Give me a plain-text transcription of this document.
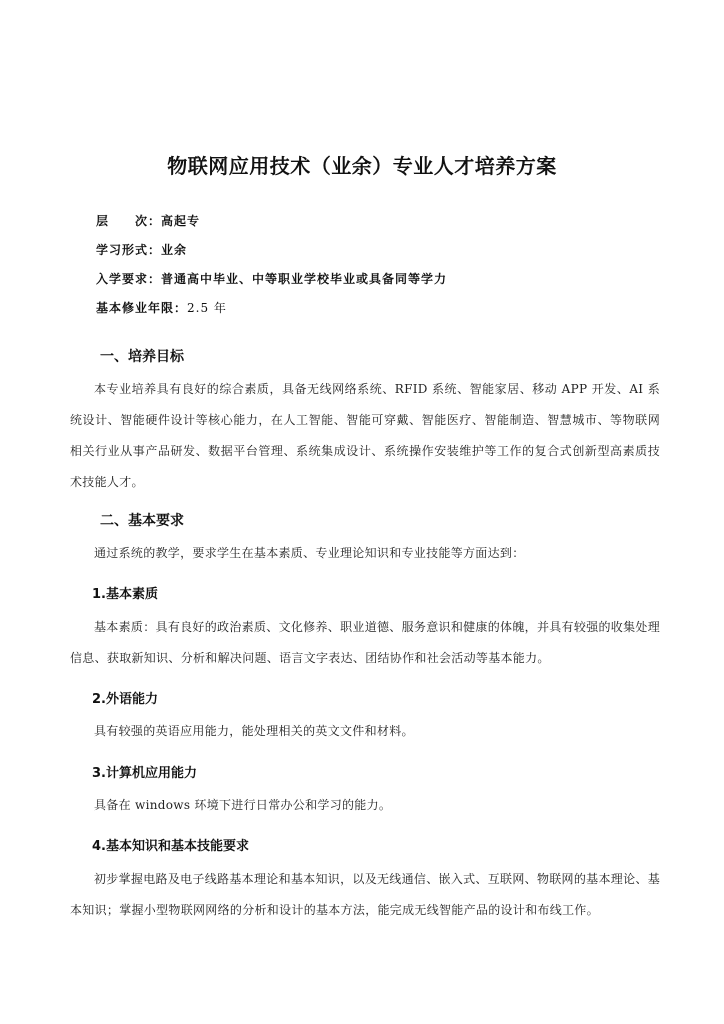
物联网应用技术（业余）专业人才培养方案
层　　次：高起专
学习形式：业余
入学要求：普通高中毕业、中等职业学校毕业或具备同等学力
基本修业年限：2.5 年
一、培养目标
本专业培养具有良好的综合素质，具备无线网络系统、RFID 系统、智能家居、移动 APP 开发、AI 系统设计、智能硬件设计等核心能力，在人工智能、智能可穿戴、智能医疗、智能制造、智慧城市、等物联网相关行业从事产品研发、数据平台管理、系统集成设计、系统操作安装维护等工作的复合式创新型高素质技术技能人才。
二、基本要求
通过系统的教学，要求学生在基本素质、专业理论知识和专业技能等方面达到：
1.基本素质
基本素质：具有良好的政治素质、文化修养、职业道德、服务意识和健康的体魄，并具有较强的收集处理信息、获取新知识、分析和解决问题、语言文字表达、团结协作和社会活动等基本能力。
2.外语能力
具有较强的英语应用能力，能处理相关的英文文件和材料。
3.计算机应用能力
具备在 windows 环境下进行日常办公和学习的能力。
4.基本知识和基本技能要求
初步掌握电路及电子线路基本理论和基本知识，以及无线通信、嵌入式、互联网、物联网的基本理论、基本知识；掌握小型物联网网络的分析和设计的基本方法，能完成无线智能产品的设计和布线工作。
